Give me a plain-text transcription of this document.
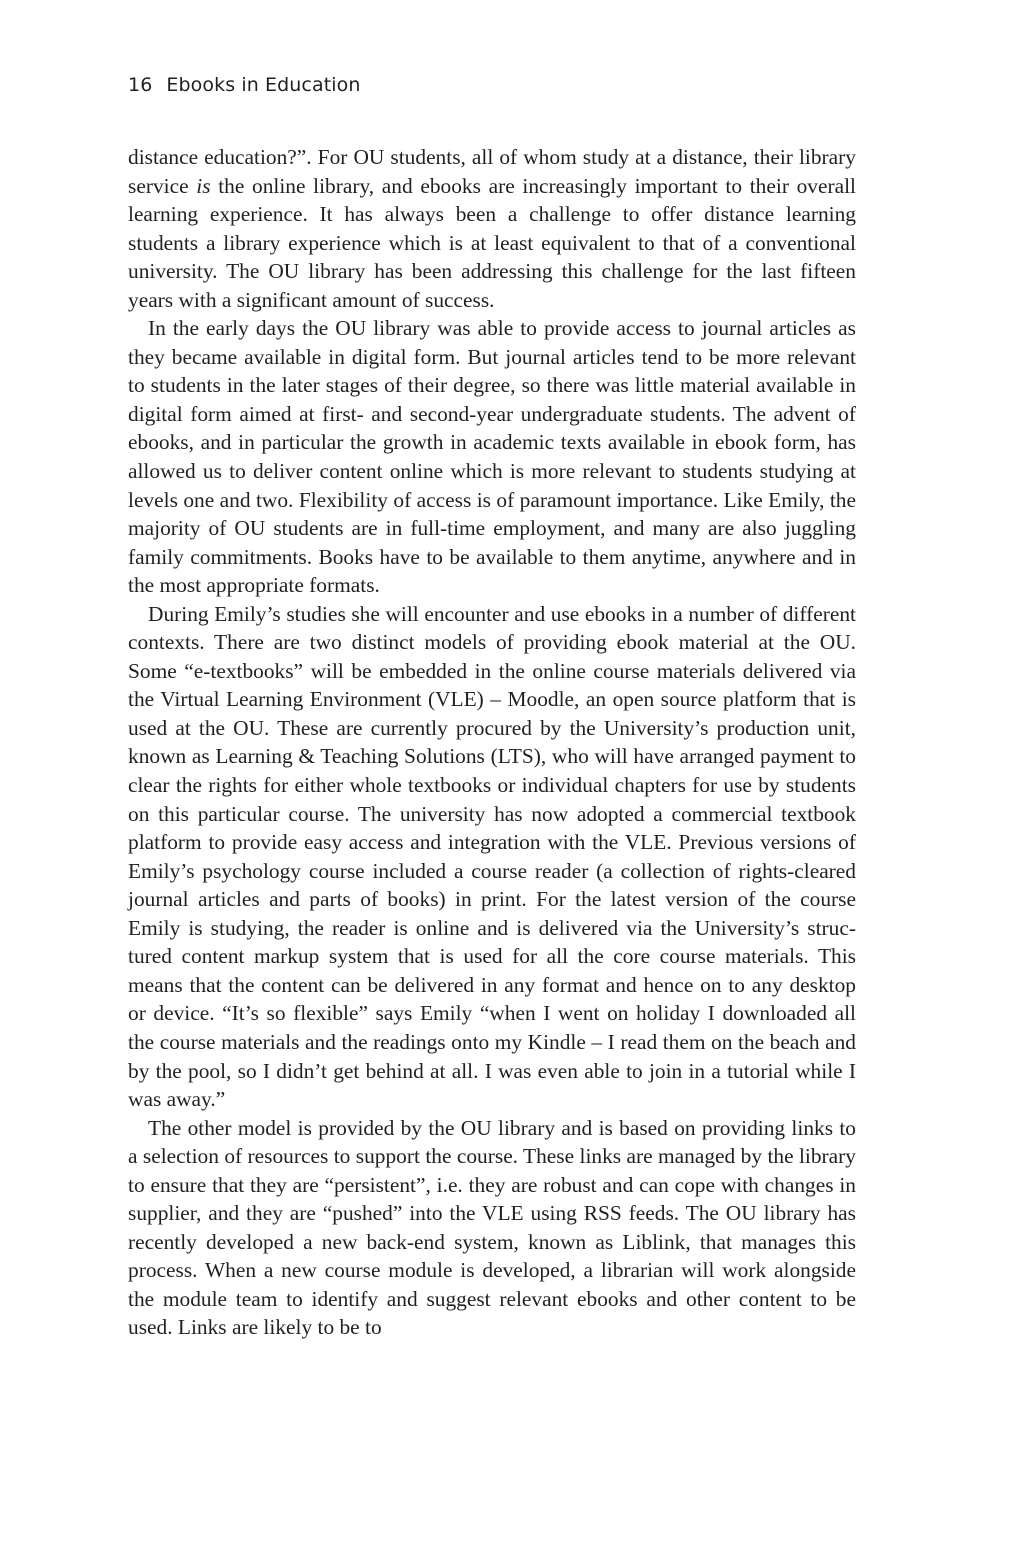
16 Ebooks in Education

distance education?”. For OU students, all of whom study at a distance, their library service is the online library, and ebooks are increasingly important to their overall learning experience. It has always been a challenge to offer distance learning students a library experience which is at least equivalent to that of a conventional university. The OU library has been addressing this challenge for the last fifteen years with a significant amount of success.

In the early days the OU library was able to provide access to journal articles as they became available in digital form. But journal articles tend to be more relevant to students in the later stages of their degree, so there was little material available in digital form aimed at first- and second-year undergraduate students. The advent of ebooks, and in particular the growth in academic texts available in ebook form, has allowed us to deliver content online which is more relevant to students studying at levels one and two. Flexibility of access is of paramount importance. Like Emily, the majority of OU students are in full-time employment, and many are also juggling family commitments. Books have to be available to them anytime, anywhere and in the most appropriate formats.

During Emily’s studies she will encounter and use ebooks in a number of different contexts. There are two distinct models of providing ebook material at the OU. Some “e-textbooks” will be embedded in the online course materials delivered via the Virtual Learning Environment (VLE) – Moodle, an open source platform that is used at the OU. These are currently procured by the University’s production unit, known as Learning & Teaching Solutions (LTS), who will have arranged payment to clear the rights for either whole textbooks or individual chapters for use by students on this particular course. The university has now adopted a commercial textbook platform to provide easy access and integration with the VLE. Previous versions of Emily’s psychology course included a course reader (a collection of rights-cleared journal articles and parts of books) in print. For the latest version of the course Emily is studying, the reader is online and is delivered via the University’s structured content markup system that is used for all the core course materials. This means that the content can be delivered in any format and hence on to any desktop or device. “It’s so flexible” says Emily “when I went on holiday I downloaded all the course materials and the readings onto my Kindle – I read them on the beach and by the pool, so I didn’t get behind at all. I was even able to join in a tutorial while I was away.”

The other model is provided by the OU library and is based on providing links to a selection of resources to support the course. These links are managed by the library to ensure that they are “persistent”, i.e. they are robust and can cope with changes in supplier, and they are “pushed” into the VLE using RSS feeds. The OU library has recently developed a new back-end system, known as Liblink, that manages this process. When a new course module is developed, a librarian will work alongside the module team to identify and suggest relevant ebooks and other content to be used. Links are likely to be to
